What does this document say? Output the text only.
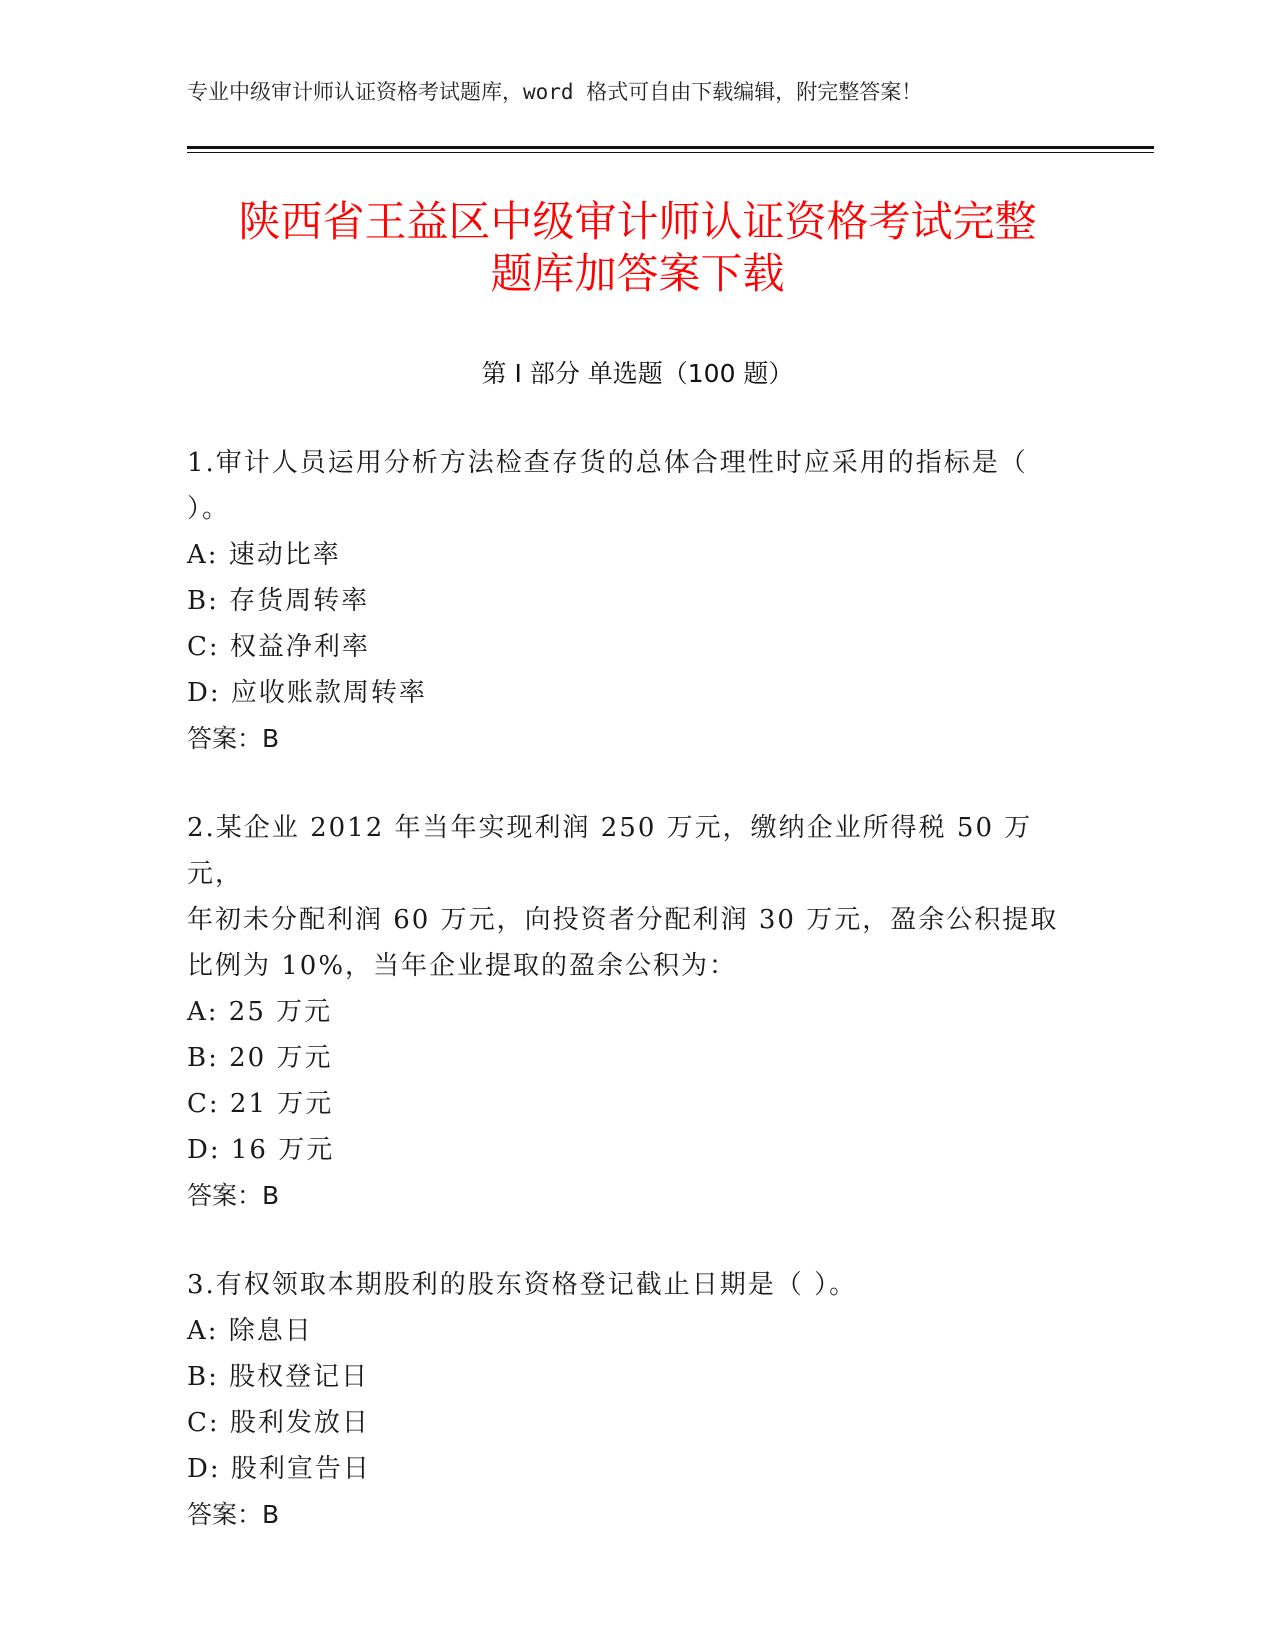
专业中级审计师认证资格考试题库，word 格式可自由下载编辑，附完整答案！
陕西省王益区中级审计师认证资格考试完整
题库加答案下载
第 I 部分 单选题（100 题）

1.审计人员运用分析方法检查存货的总体合理性时应采用的指标是（

）。

A: 速动比率

B: 存货周转率

C: 权益净利率

D: 应收账款周转率

答案：B

2.某企业 2012 年当年实现利润 250 万元，缴纳企业所得税 50 万元，

年初未分配利润 60 万元，向投资者分配利润 30 万元，盈余公积提取

比例为 10%，当年企业提取的盈余公积为：

A: 25 万元

B: 20 万元

C: 21 万元

D: 16 万元

答案：B

3.有权领取本期股利的股东资格登记截止日期是（ ）。

A: 除息日

B: 股权登记日

C: 股利发放日

D: 股利宣告日

答案：B
